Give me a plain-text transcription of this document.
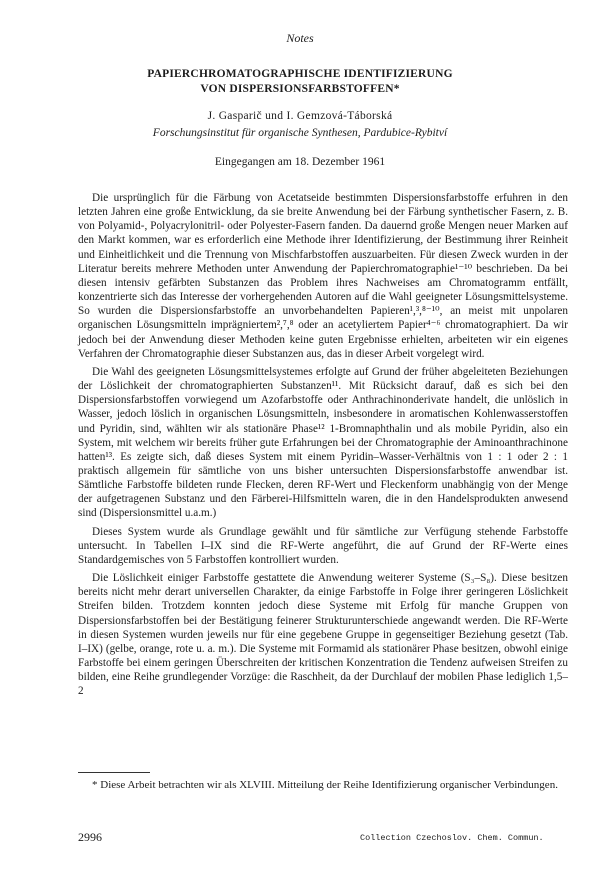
Notes
PAPIERCHROMATOGRAPHISCHE IDENTIFIZIERUNG
VON DISPERSIONSFARBSTOFFEN*
J. Gasparič und I. Gemzová-Táborská
Forschungsinstitut für organische Synthesen, Pardubice-Rybitví
Eingegangen am 18. Dezember 1961

Die ursprünglich für die Färbung von Acetatseide bestimmten Dispersionsfarbstoffe erfuhren in den letzten Jahren eine große Entwicklung, da sie breite Anwendung bei der Färbung synthetischer Fasern, z. B. von Polyamid-, Polyacrylonitril- oder Polyester-Fasern fanden. Da dauernd große Mengen neuer Marken auf den Markt kommen, war es erforderlich eine Methode ihrer Identifizierung, der Bestimmung ihrer Reinheit und Einheitlichkeit und die Trennung von Mischfarbstoffen auszuarbeiten. Für diesen Zweck wurden in der Literatur bereits mehrere Methoden unter Anwendung der Papierchromatographie¹⁻¹⁰ beschrieben. Da bei diesen intensiv gefärbten Substanzen das Problem ihres Nachweises am Chromatogramm entfällt, konzentrierte sich das Interesse der vorhergehenden Autoren auf die Wahl geeigneter Lösungsmittelsysteme. So wurden die Dispersionsfarbstoffe an unvorbehandelten Papieren¹,³,⁸⁻¹⁰, an meist mit unpolaren organischen Lösungsmitteln imprägniertem²,⁷,⁸ oder an acetyliertem Papier⁴⁻⁶ chromatographiert. Da wir jedoch bei der Anwendung dieser Methoden keine guten Ergebnisse erhielten, arbeiteten wir ein eigenes Verfahren der Chromatographie dieser Substanzen aus, das in dieser Arbeit vorgelegt wird.

Die Wahl des geeigneten Lösungsmittelsystemes erfolgte auf Grund der früher abgeleiteten Beziehungen der Löslichkeit der chromatographierten Substanzen¹¹. Mit Rücksicht darauf, daß es sich bei den Dispersionsfarbstoffen vorwiegend um Azofarbstoffe oder Anthrachinonderivate handelt, die unlöslich in Wasser, jedoch löslich in organischen Lösungsmitteln, insbesondere in aromatischen Kohlenwasserstoffen und Pyridin, sind, wählten wir als stationäre Phase¹² 1-Bromnaphthalin und als mobile Pyridin, also ein System, mit welchem wir bereits früher gute Erfahrungen bei der Chromatographie der Aminoanthrachinone hatten¹³. Es zeigte sich, daß dieses System mit einem Pyridin–Wasser-Verhältnis von 1 : 1 oder 2 : 1 praktisch allgemein für sämtliche von uns bisher untersuchten Dispersionsfarbstoffe anwendbar ist. Sämtliche Farbstoffe bildeten runde Flecken, deren RF-Wert und Fleckenform unabhängig von der Menge der aufgetragenen Substanz und den Färberei-Hilfsmitteln waren, die in den Handelsprodukten anwesend sind (Dispersionsmittel u.a.m.)

Dieses System wurde als Grundlage gewählt und für sämtliche zur Verfügung stehende Farbstoffe untersucht. In Tabellen I–IX sind die RF-Werte angeführt, die auf Grund der RF-Werte eines Standardgemisches von 5 Farbstoffen kontrolliert wurden.

Die Löslichkeit einiger Farbstoffe gestattete die Anwendung weiterer Systeme (S₃–S₈). Diese besitzen bereits nicht mehr derart universellen Charakter, da einige Farbstoffe in Folge ihrer geringeren Löslichkeit Streifen bilden. Trotzdem konnten jedoch diese Systeme mit Erfolg für manche Gruppen von Dispersionsfarbstoffen bei der Bestätigung feinerer Strukturunterschiede angewandt werden. Die RF-Werte in diesen Systemen wurden jeweils nur für eine gegebene Gruppe in gegenseitiger Beziehung gesetzt (Tab. I–IX) (gelbe, orange, rote u. a. m.). Die Systeme mit Formamid als stationärer Phase besitzen, obwohl einige Farbstoffe bei einem geringen Überschreiten der kritischen Konzentration die Tendenz aufweisen Streifen zu bilden, eine Reihe grundlegender Vorzüge: die Raschheit, da der Durchlauf der mobilen Phase lediglich 1,5–2

* Diese Arbeit betrachten wir als XLVIII. Mitteilung der Reihe Identifizierung organischer Verbindungen.
2996	Collection Czechoslov. Chem. Commun.
